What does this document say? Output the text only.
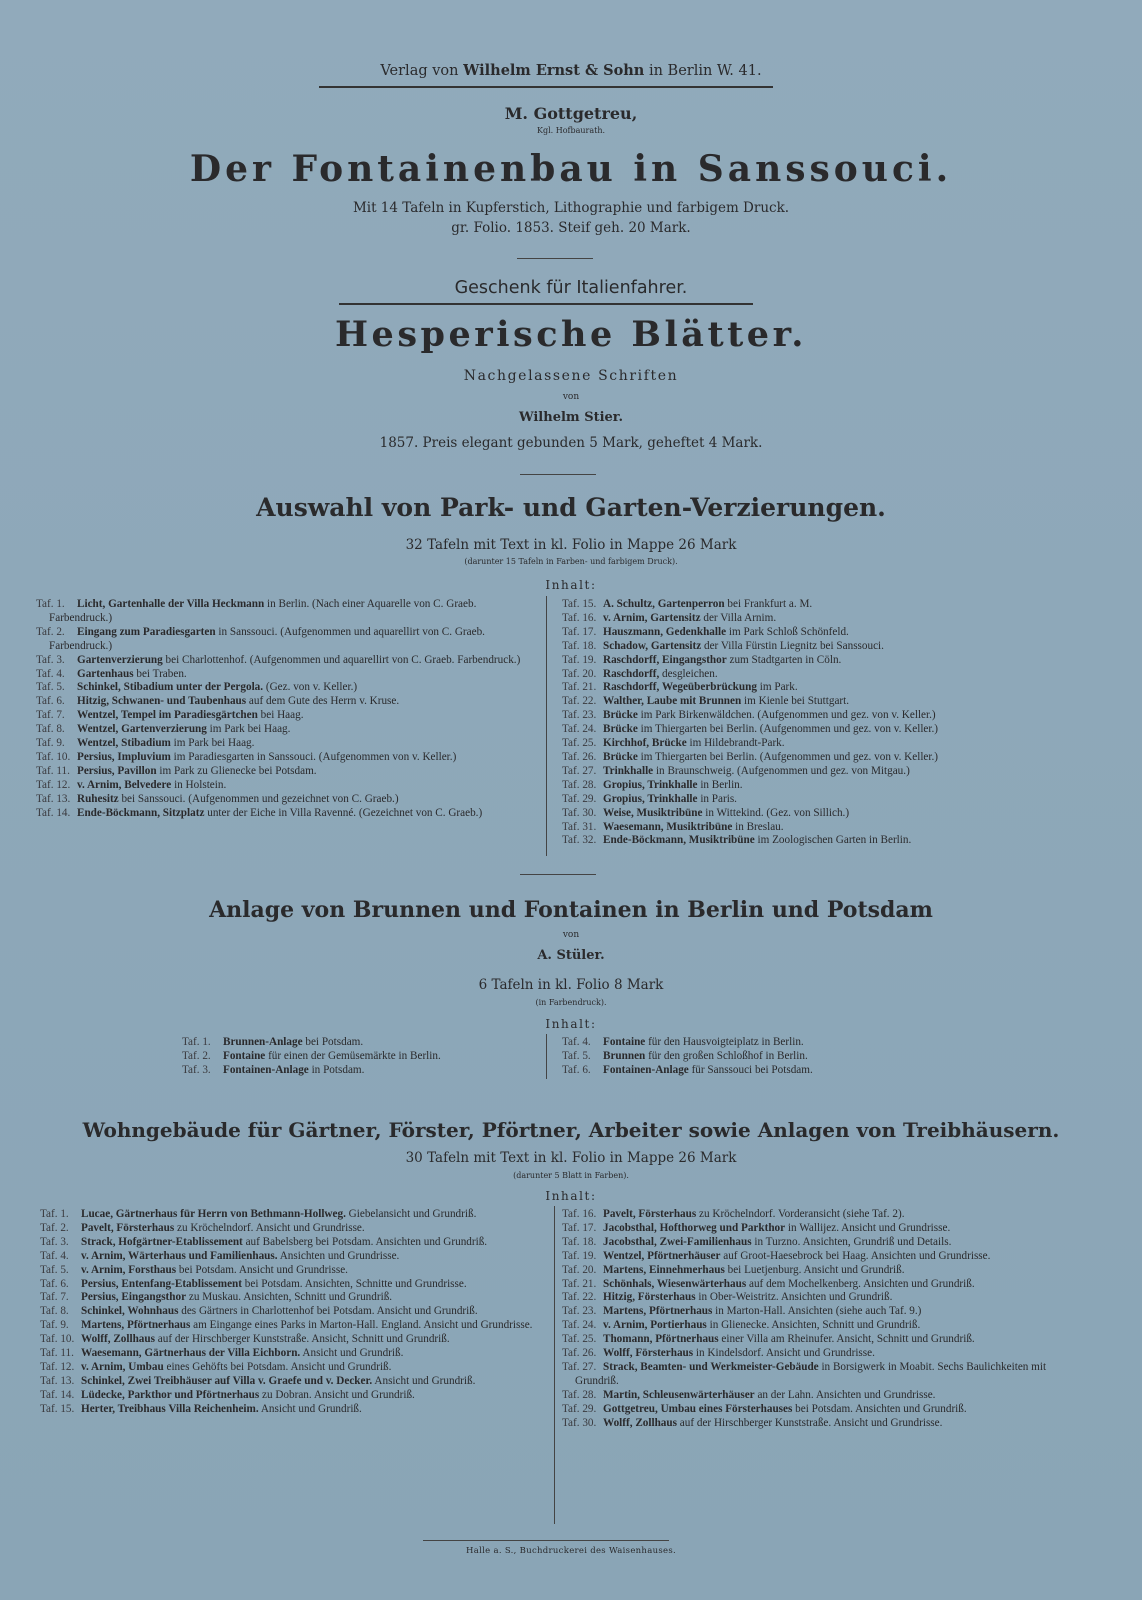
Verlag von Wilhelm Ernst & Sohn in Berlin W. 41.
M. Gottgetreu,
Kgl. Hofbaurath.
Der Fontainenbau in Sanssouci.
Mit 14 Tafeln in Kupferstich, Lithographie und farbigem Druck.
gr. Folio. 1853. Steif geh. 20 Mark.
Geschenk für Italienfahrer.
Hesperische Blätter.
Nachgelassene Schriften
von
Wilhelm Stier.
1857. Preis elegant gebunden 5 Mark, geheftet 4 Mark.
Auswahl von Park- und Garten-Verzierungen.
32 Tafeln mit Text in kl. Folio in Mappe 26 Mark
(darunter 15 Tafeln in Farben- und farbigem Druck).
Inhalt:
Taf. 1. Licht, Gartenhalle der Villa Heckmann in Berlin. (Nach einer Aquarelle von C. Graeb. Farbendruck.)
Taf. 2. Eingang zum Paradiesgarten in Sanssouci. (Aufgenommen und aquarellirt von C. Graeb. Farbendruck.)
Taf. 3. Gartenverzierung bei Charlottenhof. (Aufgenommen und aquarellirt von C. Graeb. Farbendruck.)
Taf. 4. Gartenhaus bei Traben.
Taf. 5. Schinkel, Stibadium unter der Pergola. (Gez. von v. Keller.)
Taf. 6. Hitzig, Schwanen- und Taubenhaus auf dem Gute des Herrn v. Kruse.
Taf. 7. Wentzel, Tempel im Paradiesgärtchen bei Haag.
Taf. 8. Wentzel, Gartenverzierung im Park bei Haag.
Taf. 9. Wentzel, Stibadium im Park bei Haag.
Taf. 10. Persius, Impluvium im Paradiesgarten in Sanssouci. (Aufgenommen von v. Keller.)
Taf. 11. Persius, Pavillon im Park zu Glienecke bei Potsdam.
Taf. 12. v. Arnim, Belvedere in Holstein.
Taf. 13. Ruhesitz bei Sanssouci. (Aufgenommen und gezeichnet von C. Graeb.)
Taf. 14. Ende-Böckmann, Sitzplatz unter der Eiche in Villa Ravenné. (Gezeichnet von C. Graeb.)
Taf. 15. A. Schultz, Gartenperron bei Frankfurt a. M.
Taf. 16. v. Arnim, Gartensitz der Villa Arnim.
Taf. 17. Hauszmann, Gedenkhalle im Park Schloß Schönfeld.
Taf. 18. Schadow, Gartensitz der Villa Fürstin Liegnitz bei Sanssouci.
Taf. 19. Raschdorff, Eingangsthor zum Stadtgarten in Cöln.
Taf. 20. Raschdorff, desgleichen.
Taf. 21. Raschdorff, Wegeüberbrückung im Park.
Taf. 22. Walther, Laube mit Brunnen im Kienle bei Stuttgart.
Taf. 23. Brücke im Park Birkenwäldchen. (Aufgenommen und gez. von v. Keller.)
Taf. 24. Brücke im Thiergarten bei Berlin. (Aufgenommen und gez. von v. Keller.)
Taf. 25. Kirchhof, Brücke im Hildebrandt-Park.
Taf. 26. Brücke im Thiergarten bei Berlin. (Aufgenommen und gez. von v. Keller.)
Taf. 27. Trinkhalle in Braunschweig. (Aufgenommen und gez. von Mitgau.)
Taf. 28. Gropius, Trinkhalle in Berlin.
Taf. 29. Gropius, Trinkhalle in Paris.
Taf. 30. Weise, Musiktribüne in Wittekind. (Gez. von Sillich.)
Taf. 31. Waesemann, Musiktribüne in Breslau.
Taf. 32. Ende-Böckmann, Musiktribüne im Zoologischen Garten in Berlin.
Anlage von Brunnen und Fontainen in Berlin und Potsdam
von
A. Stüler.
6 Tafeln in kl. Folio 8 Mark
(in Farbendruck).
Inhalt:
Taf. 1. Brunnen-Anlage bei Potsdam.
Taf. 2. Fontaine für einen der Gemüsemärkte in Berlin.
Taf. 3. Fontainen-Anlage in Potsdam.
Taf. 4. Fontaine für den Hausvoigteiplatz in Berlin.
Taf. 5. Brunnen für den großen Schloßhof in Berlin.
Taf. 6. Fontainen-Anlage für Sanssouci bei Potsdam.
Wohngebäude für Gärtner, Förster, Pförtner, Arbeiter sowie Anlagen von Treibhäusern.
30 Tafeln mit Text in kl. Folio in Mappe 26 Mark
(darunter 5 Blatt in Farben).
Inhalt:
Taf. 1. Lucae, Gärtnerhaus für Herrn von Bethmann-Hollweg. Giebelansicht und Grundriß.
Taf. 2. Pavelt, Försterhaus zu Kröchelndorf. Ansicht und Grundrisse.
Taf. 3. Strack, Hofgärtner-Etablissement auf Babelsberg bei Potsdam. Ansichten und Grundriß.
Taf. 4. v. Arnim, Wärterhaus und Familienhaus. Ansichten und Grundrisse.
Taf. 5. v. Arnim, Forsthaus bei Potsdam. Ansicht und Grundrisse.
Taf. 6. Persius, Entenfang-Etablissement bei Potsdam. Ansichten, Schnitte und Grundrisse.
Taf. 7. Persius, Eingangsthor zu Muskau. Ansichten, Schnitt und Grundriß.
Taf. 8. Schinkel, Wohnhaus des Gärtners in Charlottenhof bei Potsdam. Ansicht und Grundriß.
Taf. 9. Martens, Pförtnerhaus am Eingange eines Parks in Marton-Hall. England. Ansicht und Grundrisse.
Taf. 10. Wolff, Zollhaus auf der Hirschberger Kunststraße. Ansicht, Schnitt und Grundriß.
Taf. 11. Waesemann, Gärtnerhaus der Villa Eichborn. Ansicht und Grundriß.
Taf. 12. v. Arnim, Umbau eines Gehöfts bei Potsdam. Ansicht und Grundriß.
Taf. 13. Schinkel, Zwei Treibhäuser auf Villa v. Graefe und v. Decker. Ansicht und Grundriß.
Taf. 14. Lüdecke, Parkthor und Pförtnerhaus zu Dobran. Ansicht und Grundriß.
Taf. 15. Herter, Treibhaus Villa Reichenheim. Ansicht und Grundriß.
Taf. 16. Pavelt, Försterhaus zu Kröchelndorf. Vorderansicht (siehe Taf. 2).
Taf. 17. Jacobsthal, Hofthorweg und Parkthor in Wallijez. Ansicht und Grundrisse.
Taf. 18. Jacobsthal, Zwei-Familienhaus in Turzno. Ansichten, Grundriß und Details.
Taf. 19. Wentzel, Pförtnerhäuser auf Groot-Haesebrock bei Haag. Ansichten und Grundrisse.
Taf. 20. Martens, Einnehmerhaus bei Luetjenburg. Ansicht und Grundriß.
Taf. 21. Schönhals, Wiesenwärterhaus auf dem Mochelkenberg. Ansichten und Grundriß.
Taf. 22. Hitzig, Försterhaus in Ober-Weistritz. Ansichten und Grundriß.
Taf. 23. Martens, Pförtnerhaus in Marton-Hall. Ansichten (siehe auch Taf. 9.)
Taf. 24. v. Arnim, Portierhaus in Glienecke. Ansichten, Schnitt und Grundriß.
Taf. 25. Thomann, Pförtnerhaus einer Villa am Rheinufer. Ansicht, Schnitt und Grundriß.
Taf. 26. Wolff, Försterhaus in Kindelsdorf. Ansicht und Grundrisse.
Taf. 27. Strack, Beamten- und Werkmeister-Gebäude in Borsigwerk in Moabit. Sechs Baulichkeiten mit Grundriß.
Taf. 28. Martin, Schleusenwärterhäuser an der Lahn. Ansichten und Grundrisse.
Taf. 29. Gottgetreu, Umbau eines Försterhauses bei Potsdam. Ansichten und Grundriß.
Taf. 30. Wolff, Zollhaus auf der Hirschberger Kunststraße. Ansicht und Grundrisse.
Halle a. S., Buchdruckerei des Waisenhauses.
